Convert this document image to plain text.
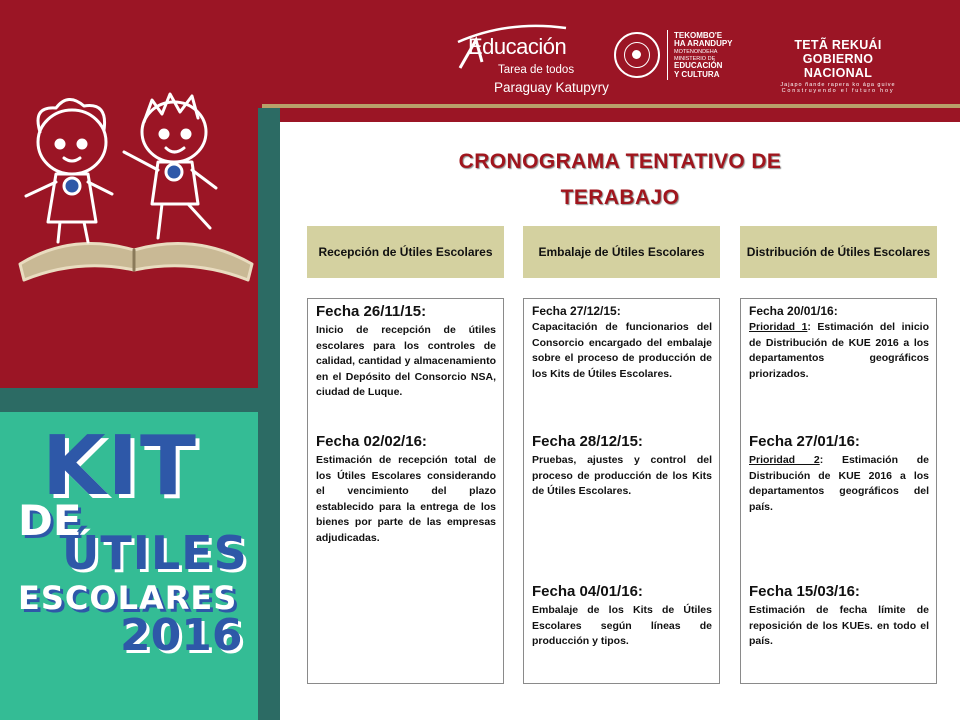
Educación
Tarea de todos
Paraguay Katupyry
TEKOMBO'E
HA ARANDUPY
MOTENONDEHA
MINISTERIO DE
EDUCACIÓN
Y CULTURA
TETÃ REKUÁI
GOBIERNO NACIONAL
Jajapo ñande rapera ko ága guive
Construyendo el futuro hoy
KIT
DE
ÚTILES
ESCOLARES
2016
CRONOGRAMA TENTATIVO DE
TERABAJO
Recepción de Útiles Escolares	Embalaje de Útiles Escolares	Distribución de Útiles Escolares
Fecha 26/11/15:
Inicio de recepción de útiles escolares para los controles de calidad, cantidad y almacenamiento en el Depósito del Consorcio NSA, ciudad de Luque.
Fecha 02/02/16:
Estimación de recepción total de los Útiles Escolares considerando el vencimiento del plazo establecido para la entrega de los bienes por parte de las empresas adjudicadas.
Fecha 27/12/15:
Capacitación de funcionarios del Consorcio encargado del embalaje sobre el proceso de producción de los Kits de Útiles Escolares.
Fecha 28/12/15:
Pruebas, ajustes y control del proceso de producción de los Kits de Útiles Escolares.
Fecha 04/01/16:
Embalaje de los Kits de Útiles Escolares según líneas de producción y tipos.
Fecha 20/01/16:
Prioridad 1: Estimación del inicio de Distribución de KUE 2016 a los departamentos geográficos priorizados.
Fecha 27/01/16:
Prioridad 2: Estimación de Distribución de KUE 2016 a los departamentos geográficos del país.
Fecha 15/03/16:
Estimación de fecha límite de reposición de los KUEs. en todo el país.
